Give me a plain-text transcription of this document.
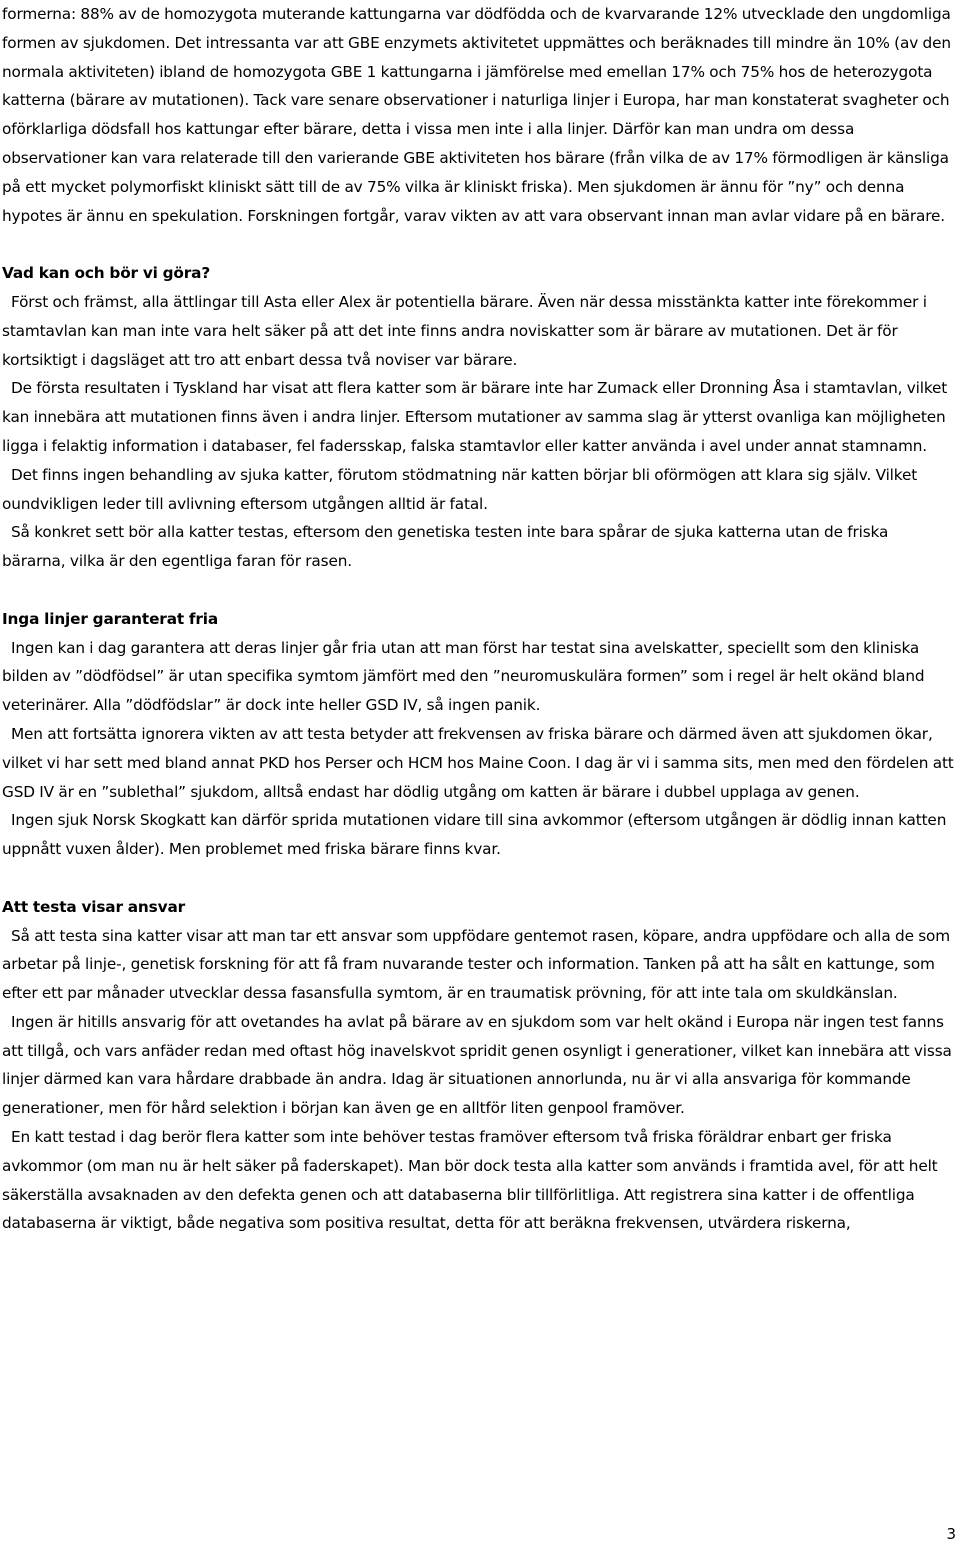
formerna: 88% av de homozygota muterande kattungarna var dödfödda och de kvarvarande 12% utvecklade den ungdomliga formen av sjukdomen. Det intressanta var att GBE enzymets aktivitetet uppmättes och beräknades till mindre än 10% (av den normala aktiviteten) ibland de homozygota GBE 1 kattungarna i jämförelse med emellan 17% och 75% hos de heterozygota katterna (bärare av mutationen). Tack vare senare observationer i naturliga linjer i Europa, har man konstaterat svagheter och oförklarliga dödsfall hos kattungar efter bärare, detta i vissa men inte i alla linjer. Därför kan man undra om dessa observationer kan vara relaterade till den varierande GBE aktiviteten hos bärare (från vilka de av 17% förmodligen är känsliga på ett mycket polymorfiskt kliniskt sätt till de av 75% vilka är kliniskt friska). Men sjukdomen är ännu för ”ny” och denna hypotes är ännu en spekulation. Forskningen fortgår, varav vikten av att vara observant innan man avlar vidare på en bärare.

Vad kan och bör vi göra?

Först och främst, alla ättlingar till Asta eller Alex är potentiella bärare. Även när dessa misstänkta katter inte förekommer i stamtavlan kan man inte vara helt säker på att det inte finns andra noviskatter som är bärare av mutationen. Det är för kortsiktigt i dagsläget att tro att enbart dessa två noviser var bärare.

De första resultaten i Tyskland har visat att flera katter som är bärare inte har Zumack eller Dronning Åsa i stamtavlan, vilket kan innebära att mutationen finns även i andra linjer. Eftersom mutationer av samma slag är ytterst ovanliga kan möjligheten ligga i felaktig information i databaser, fel fadersskap, falska stamtavlor eller katter använda i avel under annat stamnamn.

Det finns ingen behandling av sjuka katter, förutom stödmatning när katten börjar bli oförmögen att klara sig själv. Vilket oundvikligen leder till avlivning eftersom utgången alltid är fatal.

Så konkret sett bör alla katter testas, eftersom den genetiska testen inte bara spårar de sjuka katterna utan de friska bärarna, vilka är den egentliga faran för rasen.

Inga linjer garanterat fria

Ingen kan i dag garantera att deras linjer går fria utan att man först har testat sina avelskatter, speciellt som den kliniska bilden av ”dödfödsel” är utan specifika symtom jämfört med den ”neuromuskulära formen” som i regel är helt okänd bland veterinärer. Alla ”dödfödslar” är dock inte heller GSD IV, så ingen panik.

Men att fortsätta ignorera vikten av att testa betyder att frekvensen av friska bärare och därmed även att sjukdomen ökar, vilket vi har sett med bland annat PKD hos Perser och HCM hos Maine Coon. I dag är vi i samma sits, men med den fördelen att GSD IV är en ”sublethal” sjukdom, alltså endast har dödlig utgång om katten är bärare i dubbel upplaga av genen.

Ingen sjuk Norsk Skogkatt kan därför sprida mutationen vidare till sina avkommor (eftersom utgången är dödlig innan katten uppnått vuxen ålder). Men problemet med friska bärare finns kvar.

Att testa visar ansvar

Så att testa sina katter visar att man tar ett ansvar som uppfödare gentemot rasen, köpare, andra uppfödare och alla de som arbetar på linje-, genetisk forskning för att få fram nuvarande tester och information. Tanken på att ha sålt en kattunge, som efter ett par månader utvecklar dessa fasansfulla symtom, är en traumatisk prövning, för att inte tala om skuldkänslan.

Ingen är hitills ansvarig för att ovetandes ha avlat på bärare av en sjukdom som var helt okänd i Europa när ingen test fanns att tillgå, och vars anfäder redan med oftast hög inavelskvot spridit genen osynligt i generationer, vilket kan innebära att vissa linjer därmed kan vara hårdare drabbade än andra. Idag är situationen annorlunda, nu är vi alla ansvariga för kommande generationer, men för hård selektion i början kan även ge en alltför liten genpool framöver.

En katt testad i dag berör flera katter som inte behöver testas framöver eftersom två friska föräldrar enbart ger friska avkommor (om man nu är helt säker på faderskapet). Man bör dock testa alla katter som används i framtida avel, för att helt säkerställa avsaknaden av den defekta genen och att databaserna blir tillförlitliga. Att registrera sina katter i de offentliga databaserna är viktigt, både negativa som positiva resultat, detta för att beräkna frekvensen, utvärdera riskerna,

3
